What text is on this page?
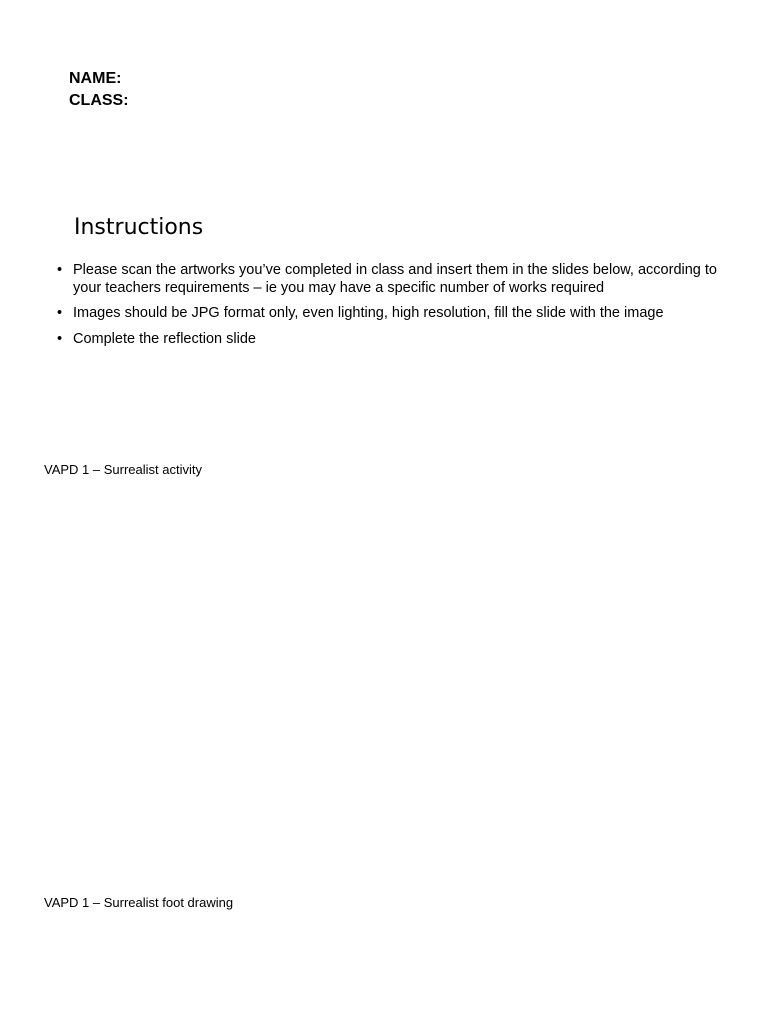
NAME:
CLASS:
Instructions
• Please scan the artworks you’ve completed in class and insert them in the slides below, according to your teachers requirements – ie you may have a specific number of works required
• Images should be JPG format only, even lighting, high resolution, fill the slide with the image
• Complete the reflection slide
VAPD 1 – Surrealist activity
VAPD 1 – Surrealist foot drawing
